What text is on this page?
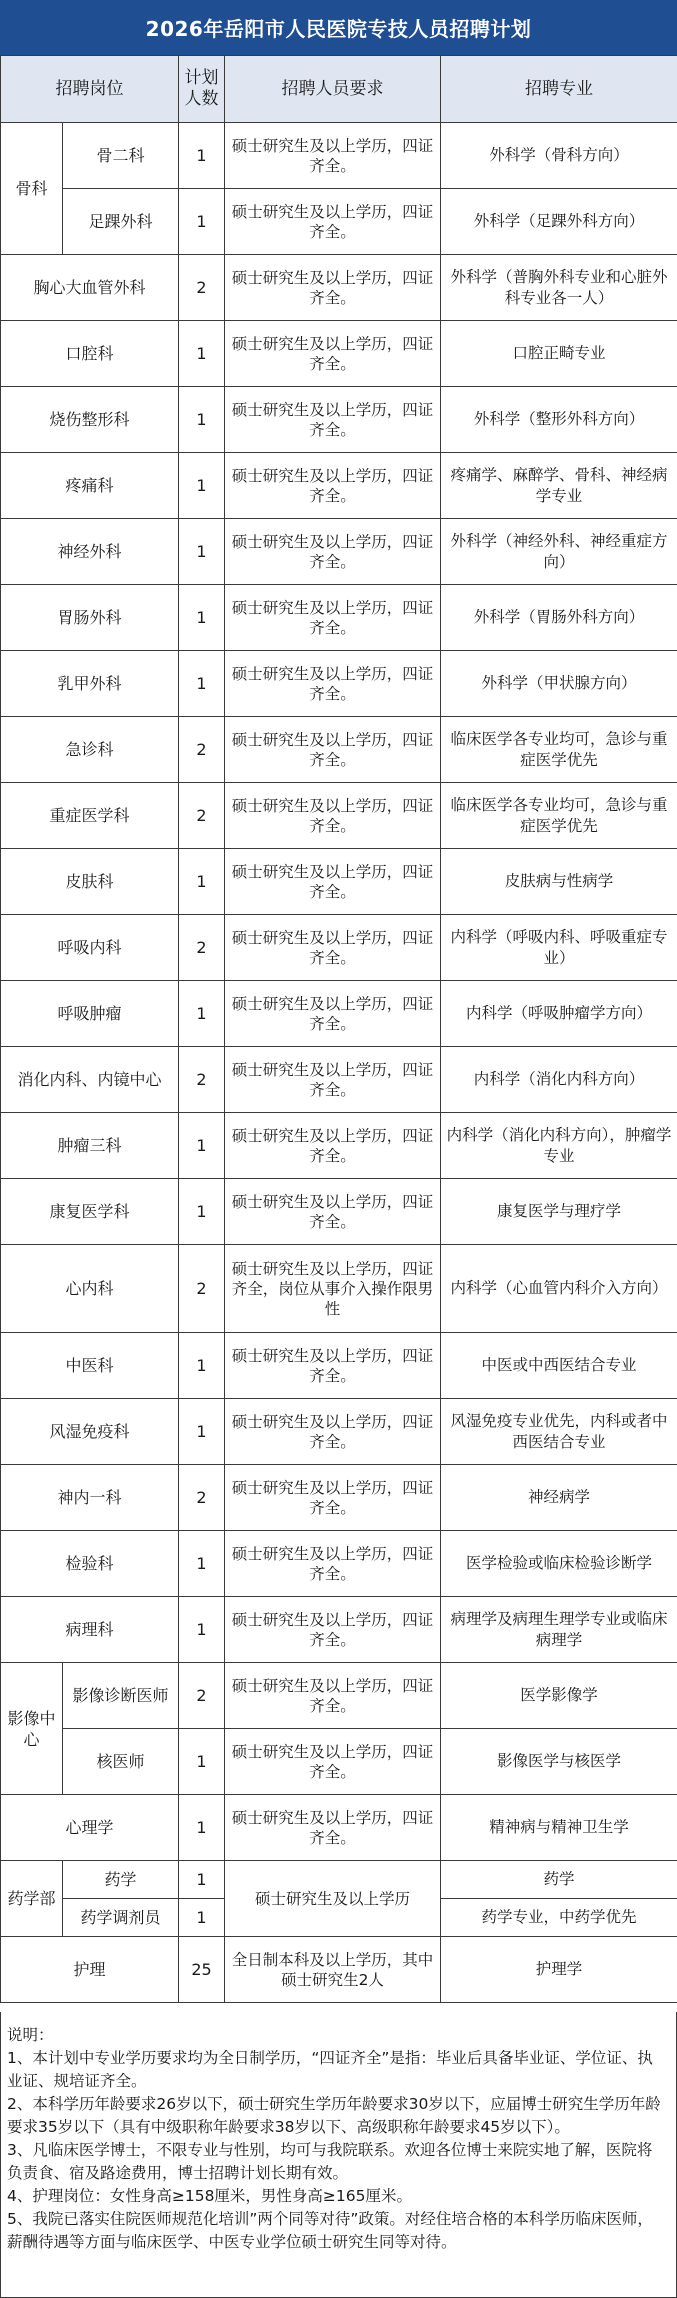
2026年岳阳市人民医院专技人员招聘计划
招聘岗位		计划人数	招聘人员要求	招聘专业
骨科	骨二科	1	硕士研究生及以上学历，四证齐全。	外科学（骨科方向）
	足踝外科	1	硕士研究生及以上学历，四证齐全。	外科学（足踝外科方向）
胸心大血管外科		2	硕士研究生及以上学历，四证齐全。	外科学（普胸外科专业和心脏外科专业各一人）
口腔科		1	硕士研究生及以上学历，四证齐全。	口腔正畸专业
烧伤整形科		1	硕士研究生及以上学历，四证齐全。	外科学（整形外科方向）
疼痛科		1	硕士研究生及以上学历，四证齐全。	疼痛学、麻醉学、骨科、神经病学专业
神经外科		1	硕士研究生及以上学历，四证齐全。	外科学（神经外科、神经重症方向）
胃肠外科		1	硕士研究生及以上学历，四证齐全。	外科学（胃肠外科方向）
乳甲外科		1	硕士研究生及以上学历，四证齐全。	外科学（甲状腺方向）
急诊科		2	硕士研究生及以上学历，四证齐全。	临床医学各专业均可，急诊与重症医学优先
重症医学科		2	硕士研究生及以上学历，四证齐全。	临床医学各专业均可，急诊与重症医学优先
皮肤科		1	硕士研究生及以上学历，四证齐全。	皮肤病与性病学
呼吸内科		2	硕士研究生及以上学历，四证齐全。	内科学（呼吸内科、呼吸重症专业）
呼吸肿瘤		1	硕士研究生及以上学历，四证齐全。	内科学（呼吸肿瘤学方向）
消化内科、内镜中心		2	硕士研究生及以上学历，四证齐全。	内科学（消化内科方向）
肿瘤三科		1	硕士研究生及以上学历，四证齐全。	内科学（消化内科方向），肿瘤学专业
康复医学科		1	硕士研究生及以上学历，四证齐全。	康复医学与理疗学
心内科		2	硕士研究生及以上学历，四证齐全，岗位从事介入操作限男性	内科学（心血管内科介入方向）
中医科		1	硕士研究生及以上学历，四证齐全。	中医或中西医结合专业
风湿免疫科		1	硕士研究生及以上学历，四证齐全。	风湿免疫专业优先，内科或者中西医结合专业
神内一科		2	硕士研究生及以上学历，四证齐全。	神经病学
检验科		1	硕士研究生及以上学历，四证齐全。	医学检验或临床检验诊断学
病理科		1	硕士研究生及以上学历，四证齐全。	病理学及病理生理学专业或临床病理学
影像中心	影像诊断医师	2	硕士研究生及以上学历，四证齐全。	医学影像学
	核医师	1	硕士研究生及以上学历，四证齐全。	影像医学与核医学
心理学		1	硕士研究生及以上学历，四证齐全。	精神病与精神卫生学
药学部	药学	1	硕士研究生及以上学历	药学
	药学调剂员	1		药学专业，中药学优先
护理		25	全日制本科及以上学历，其中硕士研究生2人	护理学

说明：

1、本计划中专业学历要求均为全日制学历，“四证齐全”是指：毕业后具备毕业证、学位证、执业证、规培证齐全。

2、本科学历年龄要求26岁以下，硕士研究生学历年龄要求30岁以下，应届博士研究生学历年龄要求35岁以下（具有中级职称年龄要求38岁以下、高级职称年龄要求45岁以下）。

3、凡临床医学博士，不限专业与性别，均可与我院联系。欢迎各位博士来院实地了解，医院将负责食、宿及路途费用，博士招聘计划长期有效。

4、护理岗位：女性身高≥158厘米，男性身高≥165厘米。

5、我院已落实住院医师规范化培训”两个同等对待”政策。对经住培合格的本科学历临床医师，薪酬待遇等方面与临床医学、中医专业学位硕士研究生同等对待。
